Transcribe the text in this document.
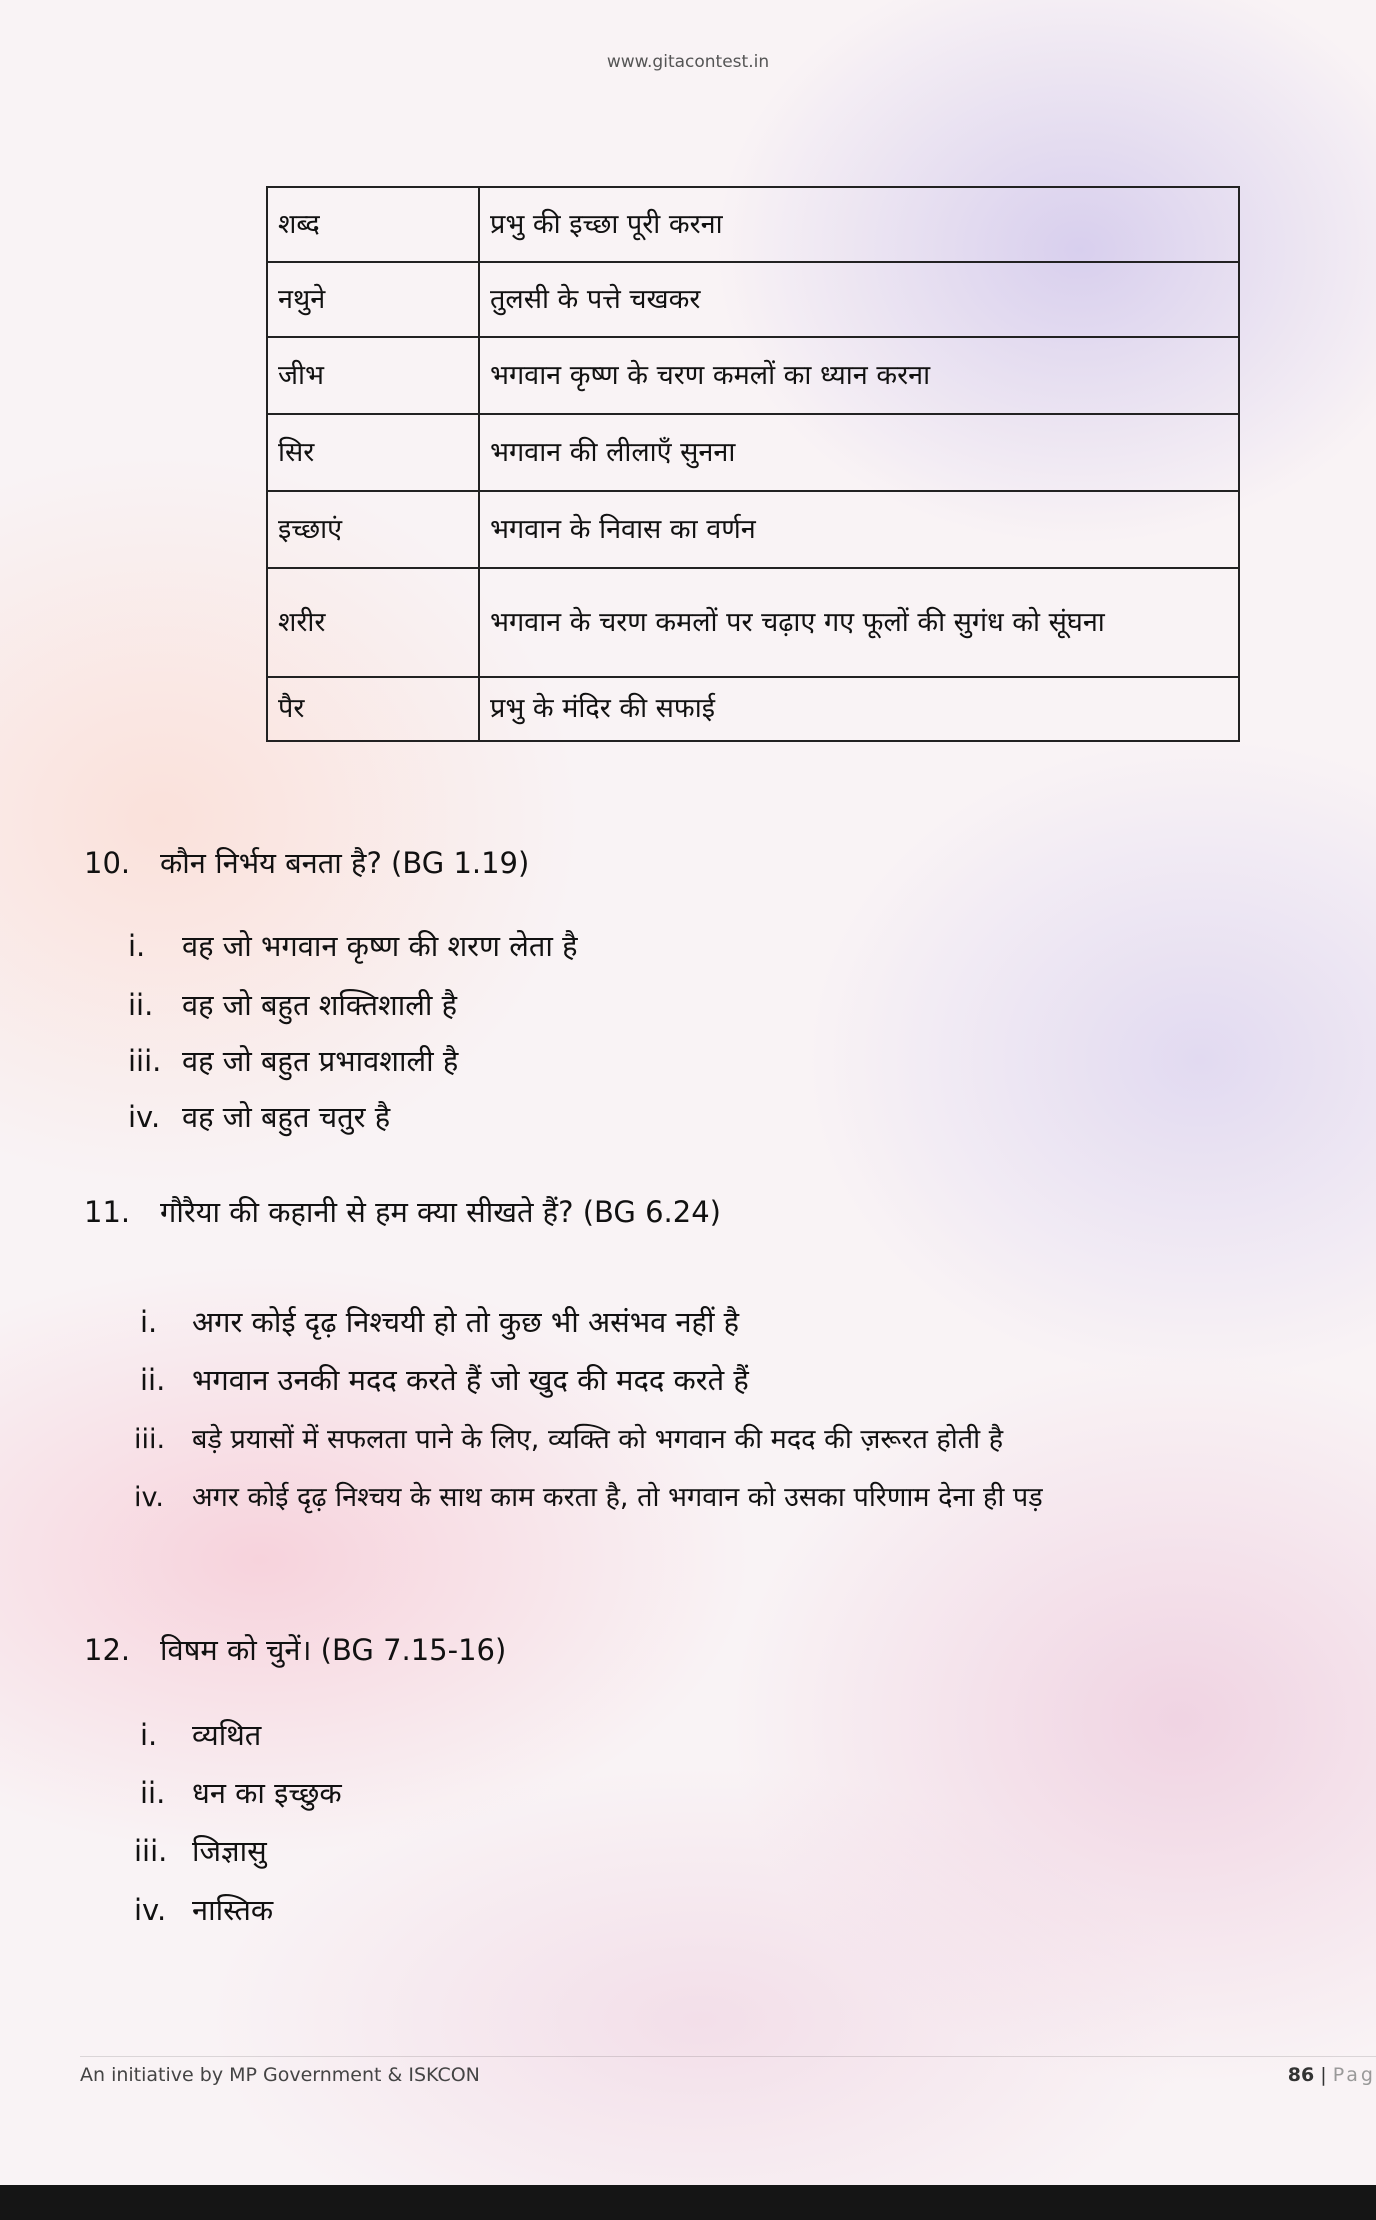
www.gitacontest.in
शब्द	प्रभु की इच्छा पूरी करना
नथुने	तुलसी के पत्ते चखकर
जीभ	भगवान कृष्ण के चरण कमलों का ध्यान करना
सिर	भगवान की लीलाएँ सुनना
इच्छाएं	भगवान के निवास का वर्णन
शरीर	भगवान के चरण कमलों पर चढ़ाए गए फूलों की सुगंध को सूंघना
पैर	प्रभु के मंदिर की सफाई
10. कौन निर्भय बनता है? (BG 1.19)
i. वह जो भगवान कृष्ण की शरण लेता है
ii. वह जो बहुत शक्तिशाली है
iii. वह जो बहुत प्रभावशाली है
iv. वह जो बहुत चतुर है
11. गौरैया की कहानी से हम क्या सीखते हैं? (BG 6.24)
i. अगर कोई दृढ़ निश्चयी हो तो कुछ भी असंभव नहीं है
ii. भगवान उनकी मदद करते हैं जो खुद की मदद करते हैं
iii. बड़े प्रयासों में सफलता पाने के लिए, व्यक्ति को भगवान की मदद की ज़रूरत होती है
iv. अगर कोई दृढ़ निश्चय के साथ काम करता है, तो भगवान को उसका परिणाम देना ही पड़
12. विषम को चुनें। (BG 7.15-16)
i. व्यथित
ii. धन का इच्छुक
iii. जिज्ञासु
iv. नास्तिक
An initiative by MP Government & ISKCON	86 | Pag
